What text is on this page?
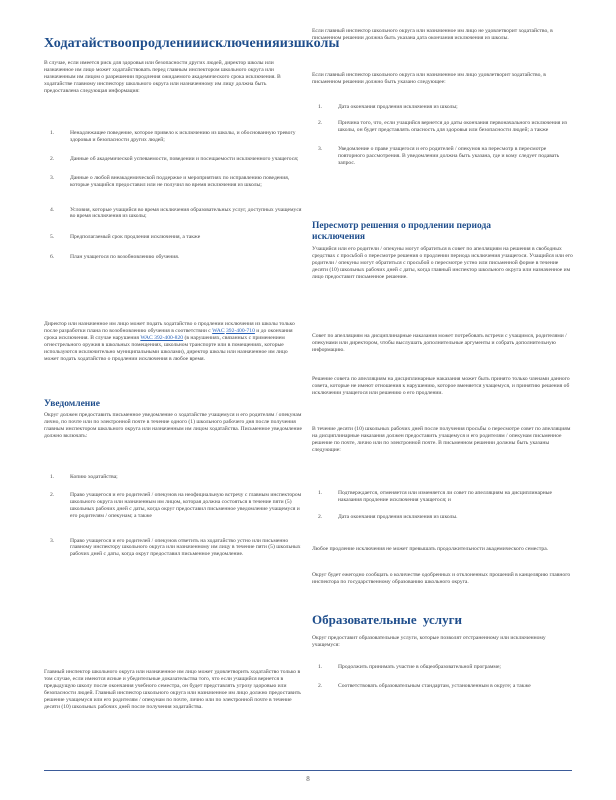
Ходатайство о продлении исключения из школы

В случае, если имеется риск для здоровья или безопасности других людей, директор школы или назначенное им лицо может ходатайствовать перед главным инспектором школьного округа или назначенным им лицом о разрешении продления ожидаемого академического срока исключения. В ходатайстве главному инспектору школьного округа или назначенному им лицу должна быть предоставлена следующая информация:

1.	Ненадлежащее поведение, которое привело к исключению из школы, и обоснованную тревогу здоровья и безопасности других людей;
2.	Данные об академической успеваемости, поведении и посещаемости исключенного учащегося;
3.	Данные о любой внеакадемической поддержке и мероприятиях по исправлению поведения, которые учащийся предоставил или не получил во время исключения из школы;
4.	Условия, которые учащийся во время исключения образовательных услуг, доступных учащемуся во время исключения из школы;
5.	Предполагаемый срок продления исключения, а также
6.	План учащегося по возобновлению обучения.

Директор или назначенное им лицо может подать ходатайство о продлении исключения из школы только после разработки плана по возобновлению обучения в соответствии с WAC 392-400-710 и до окончания срока исключения. В случае нарушения WAC 392-400-820 (в нарушениях, связанных с применением огнестрельного оружия в школьных помещениях, школьном транспорте или в помещениях, которые используются исключительно муниципальными школами), директор школы или назначенное им лицо может подать ходатайство о продлении исключения в любое время.

Уведомление

Округ должен предоставить письменное уведомление о ходатайстве учащемуся и его родителям / опекунам лично, по почте или по электронной почте в течение одного (1) школьного рабочего дня после получения главным инспектором школьного округа или назначенным им лицом ходатайства. Письменное уведомление должно включать:

1.	Копию ходатайства;
2.	Право учащегося и его родителей / опекунов на неофициальную встречу с главным инспектором школьного округа или назначенным им лицом, которая должна состояться в течение пяти (5) школьных рабочих дней с даты, когда округ предоставил письменное уведомление учащемуся и его родителям / опекунам; а также
3.	Право учащегося и его родителей / опекунов ответить на ходатайство устно или письменно главному инспектору школьного округа или назначенному им лицу в течение пяти (5) школьных рабочих дней с даты, когда округ предоставил письменное уведомление.

Главный инспектор школьного округа или назначенное им лицо может удовлетворить ходатайство только в том случае, если имеются ясные и убедительные доказательства того, что если учащийся вернется в предыдущую школу после окончания учебного семестра, он будет представлять угрозу здоровью или безопасности людей. Главный инспектор школьного округа или назначенное им лицо должно предоставить решение учащемуся или его родителям / опекунам по почте, лично или по электронной почте в течение десяти (10) школьных рабочих дней после получения ходатайства.

Если главный инспектор школьного округа или назначенное им лицо не удовлетворит ходатайство, в письменном решении должна быть указана дата окончания исключения из школы.

Если главный инспектор школьного округа или назначенное им лицо удовлетворит ходатайство, в письменном решении должно быть указано следующее:

1.	Дата окончания продления исключения из школы;
2.	Причина того, что, если учащийся вернется до даты окончания первоначального исключения из школы, он будет представлять опасность для здоровья или безопасности людей; а также
3.	Уведомление о праве учащегося и его родителей / опекунов на пересмотр в пересмотре повторного рассмотрения. В уведомлении должна быть указана, где и кому следует подавать запрос.
Пересмотр решения о продлении периода исключения

Учащийся или его родители / опекуны могут обратиться в совет по апелляциям на решения в свободных средствах с просьбой о пересмотре решения о продлении периода исключения учащегося. Учащийся или его родители / опекуны могут обратиться с просьбой о пересмотре устно или письменной форме в течение десяти (10) школьных рабочих дней с даты, когда главный инспектор школьного округа или назначенное им лицо предоставит письменное решение.

Совет по апелляциям на дисциплинарные наказания может потребовать встречи с учащимся, родителями / опекунами или директором, чтобы выслушать дополнительные аргументы и собрать дополнительную информацию.

Решение совета по апелляциям на дисциплинарные наказания может быть принято только членами данного совета, которые не имеют отношения к нарушению, которое вменяется учащемуся, и принятию решения об исключении учащегося или решению о его продлении.

В течение десяти (10) школьных рабочих дней после получения просьбы о пересмотре совет по апелляциям на дисциплинарные наказания должен предоставить учащемуся и его родителям / опекунам письменное решение по почте, лично или по электронной почте. В письменном решении должны быть указаны следующие:

1.	Подтверждается, отменяется или изменяется ли совет по апелляциям на дисциплинарные наказания продление исключения учащегося; и
2.	Дата окончания продления исключения из школы.

Любое продление исключения не может превышать продолжительности академического семестра.

Округ будет ежегодно сообщать о количестве одобренных и отклоненных прошений в канцелярию главного инспектора по государственному образованию школьного округа.

Образовательные услуги

Округ предоставит образовательные услуги, которые позволят отстраненному или исключенному учащемуся:

1.	Продолжить принимать участие в общеобразовательной программе;
2.	Соответствовать образовательным стандартам, установленным в округе; а также
8
